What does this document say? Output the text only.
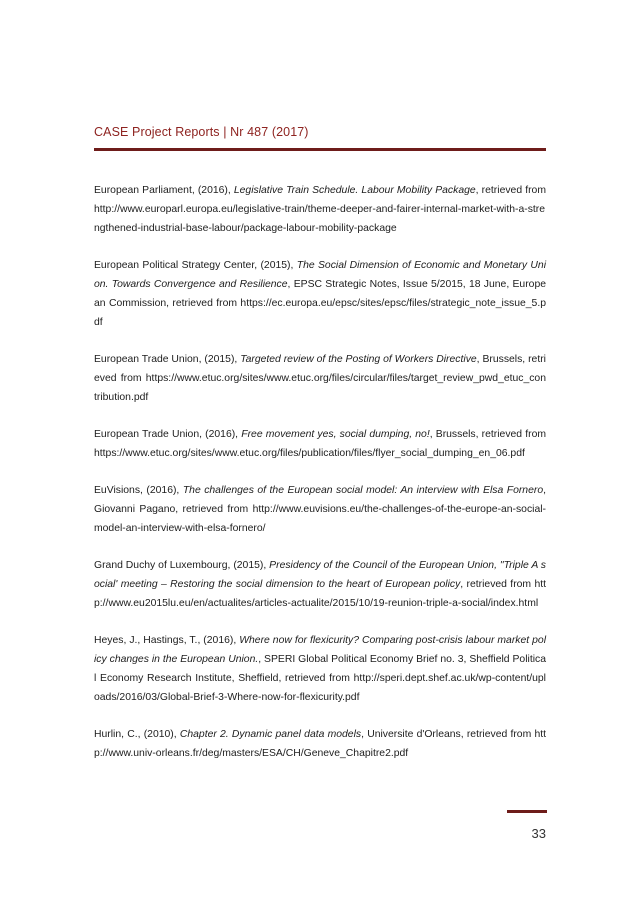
CASE Project Reports | Nr 487 (2017)

European Parliament, (2016), Legislative Train Schedule. Labour Mobility Package, retrieved from http://www.europarl.europa.eu/legislative-train/theme-deeper-and-fairer-internal-market-with-a-strengthened-industrial-base-labour/package-labour-mobility-package

European Political Strategy Center, (2015), The Social Dimension of Economic and Monetary Union. Towards Convergence and Resilience, EPSC Strategic Notes, Issue 5/2015, 18 June, European Commission, retrieved from https://ec.europa.eu/epsc/sites/epsc/files/strategic_note_issue_5.pdf

European Trade Union, (2015), Targeted review of the Posting of Workers Directive, Brussels, retrieved from https://www.etuc.org/sites/www.etuc.org/files/circular/files/target_review_pwd_etuc_contribution.pdf

European Trade Union, (2016), Free movement yes, social dumping, no!, Brussels, retrieved from https://www.etuc.org/sites/www.etuc.org/files/publication/files/flyer_social_dumping_en_06.pdf

EuVisions, (2016), The challenges of the European social model: An interview with Elsa Fornero, Giovanni Pagano, retrieved from http://www.euvisions.eu/the-challenges-of-the-europe-an-social-model-an-interview-with-elsa-fornero/

Grand Duchy of Luxembourg, (2015), Presidency of the Council of the European Union, "Triple A social' meeting – Restoring the social dimension to the heart of European policy, retrieved from http://www.eu2015lu.eu/en/actualites/articles-actualite/2015/10/19-reunion-triple-a-social/index.html

Heyes, J., Hastings, T., (2016), Where now for flexicurity? Comparing post-crisis labour market policy changes in the European Union., SPERI Global Political Economy Brief no. 3, Sheffield Political Economy Research Institute, Sheffield, retrieved from http://speri.dept.shef.ac.uk/wp-content/uploads/2016/03/Global-Brief-3-Where-now-for-flexicurity.pdf

Hurlin, C., (2010), Chapter 2. Dynamic panel data models, Universite d'Orleans, retrieved from http://www.univ-orleans.fr/deg/masters/ESA/CH/Geneve_Chapitre2.pdf

33
